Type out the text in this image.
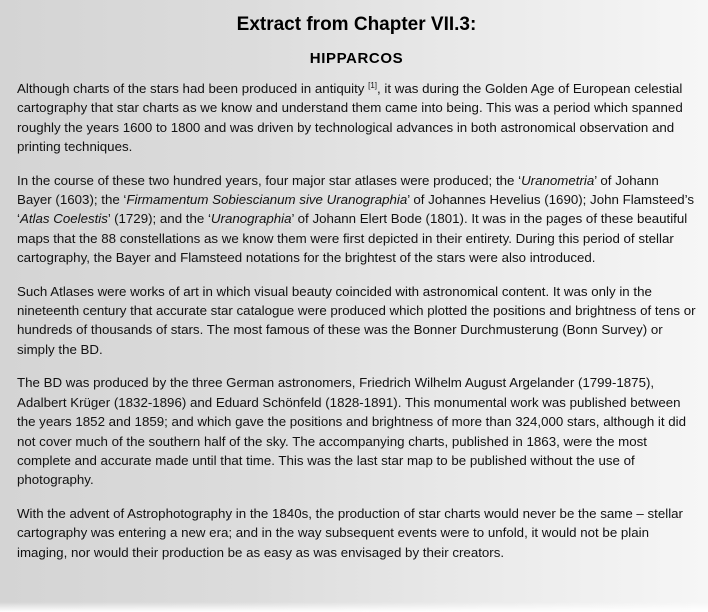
Extract from Chapter VII.3:
HIPPARCOS

Although charts of the stars had been produced in antiquity [1], it was during the Golden Age of European celestial cartography that star charts as we know and understand them came into being. This was a period which spanned roughly the years 1600 to 1800 and was driven by technological advances in both astronomical observation and printing techniques.

In the course of these two hundred years, four major star atlases were produced; the ‘Uranometria’ of Johann Bayer (1603); the ‘Firmamentum Sobiescianum sive Uranographia’ of Johannes Hevelius (1690); John Flamsteed’s ‘Atlas Coelestis’ (1729); and the ‘Uranographia’ of Johann Elert Bode (1801). It was in the pages of these beautiful maps that the 88 constellations as we know them were first depicted in their entirety. During this period of stellar cartography, the Bayer and Flamsteed notations for the brightest of the stars were also introduced.

Such Atlases were works of art in which visual beauty coincided with astronomical content. It was only in the nineteenth century that accurate star catalogue were produced which plotted the positions and brightness of tens or hundreds of thousands of stars. The most famous of these was the Bonner Durchmusterung (Bonn Survey) or simply the BD.

The BD was produced by the three German astronomers, Friedrich Wilhelm August Argelander (1799-1875), Adalbert Krüger (1832-1896) and Eduard Schönfeld (1828-1891). This monumental work was published between the years 1852 and 1859; and which gave the positions and brightness of more than 324,000 stars, although it did not cover much of the southern half of the sky. The accompanying charts, published in 1863, were the most complete and accurate made until that time. This was the last star map to be published without the use of photography.

With the advent of Astrophotography in the 1840s, the production of star charts would never be the same – stellar cartography was entering a new era; and in the way subsequent events were to unfold, it would not be plain imaging, nor would their production be as easy as was envisaged by their creators.
